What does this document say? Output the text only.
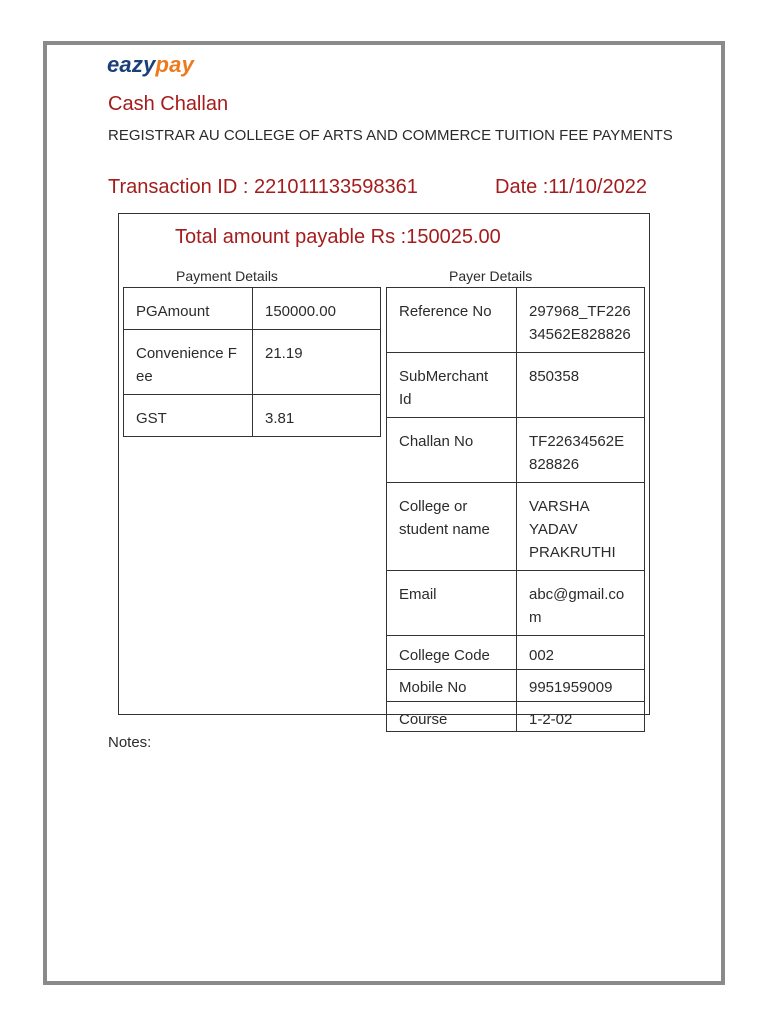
eazypay
Cash Challan
REGISTRAR AU COLLEGE OF ARTS AND COMMERCE TUITION FEE PAYMENTS
Transaction ID : 221011133598361	Date :11/10/2022
Total amount payable Rs :150025.00
Payment Details	Payer Details
PGAmount	150000.00
Convenience Fee	21.19
GST	3.81
Reference No	297968_TF22634562E828826
SubMerchant Id	850358
Challan No	TF22634562E828826
College or student name	VARSHA YADAV PRAKRUTHI
Email	abc@gmail.com
College Code	002
Mobile No	9951959009
Course	1-2-02
Notes:
